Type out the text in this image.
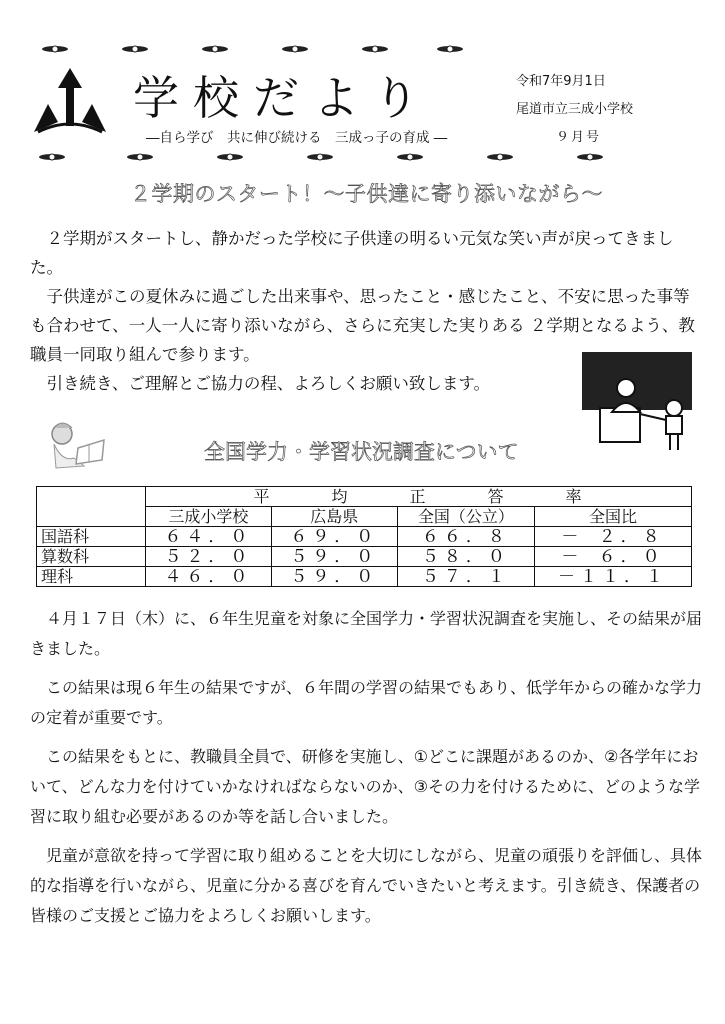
学校だより
―自ら学び　共に伸び続ける　三成っ子の育成 ―
令和7年9月1日
尾道市立三成小学校
９月号
２学期のスタート！～子供達に寄り添いながら～

２学期がスタートし、静かだった学校に子供達の明るい元気な笑い声が戻ってきました。

子供達がこの夏休みに過ごした出来事や、思ったこと・感じたこと、不安に思った事等も合わせて、一人一人に寄り添いながら、さらに充実した実りある ２学期となるよう、教職員一同取り組んで参ります。

引き続き、ご理解とご協力の程、よろしくお願い致します。

全国学力・学習状況調査について
	平均正答率			
	三成小学校	広島県	全国（公立）	全国比
国語科	６４．０	６９．０	６６．８	－ ２．８
算数科	５２．０	５９．０	５８．０	－ ６．０
理科	４６．０	５９．０	５７．１	－１１．１

４月１７日（木）に、６年生児童を対象に全国学力・学習状況調査を実施し、その結果が届きました。

この結果は現６年生の結果ですが、６年間の学習の結果でもあり、低学年からの確かな学力の定着が重要です。

この結果をもとに、教職員全員で、研修を実施し、①どこに課題があるのか、②各学年において、どんな力を付けていかなければならないのか、③その力を付けるために、どのような学習に取り組む必要があるのか等を話し合いました。

児童が意欲を持って学習に取り組めることを大切にしながら、児童の頑張りを評価し、具体的な指導を行いながら、児童に分かる喜びを育んでいきたいと考えます。引き続き、保護者の皆様のご支援とご協力をよろしくお願いします。
